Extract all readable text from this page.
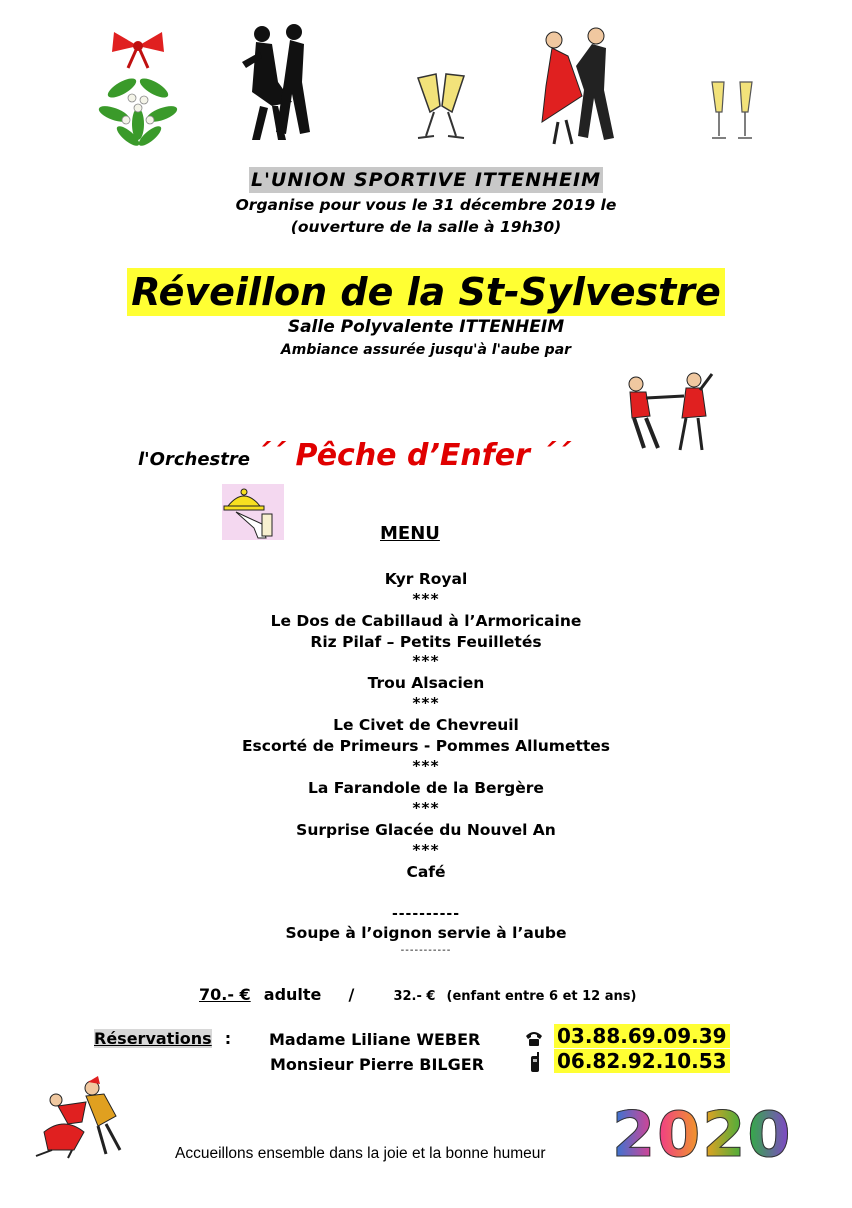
L'UNION SPORTIVE ITTENHEIM
Organise pour vous le 31 décembre 2019 le
(ouverture de la salle à 19h30)
Réveillon de la St-Sylvestre
Salle Polyvalente ITTENHEIM
Ambiance assurée jusqu'à l'aube par
l'Orchestre ˊˊ Pêche d’Enfer ˊˊ
MENU
Kyr Royal
***
Le Dos de Cabillaud à l’Armoricaine
Riz Pilaf – Petits Feuilletés
***
Trou Alsacien
***
Le Civet de Chevreuil
Escorté de Primeurs - Pommes Allumettes
***
La Farandole de la Bergère
***
Surprise Glacée du Nouvel An
***
Café
----------
Soupe à l’oignon servie à l’aube
-----------
70.- € adulte /	32.- € (enfant entre 6 et 12 ans)
Réservations : Madame Liliane WEBER	03.88.69.09.39
Monsieur Pierre BILGER	06.82.92.10.53
Accueillons ensemble dans la joie et la bonne humeur 2020
